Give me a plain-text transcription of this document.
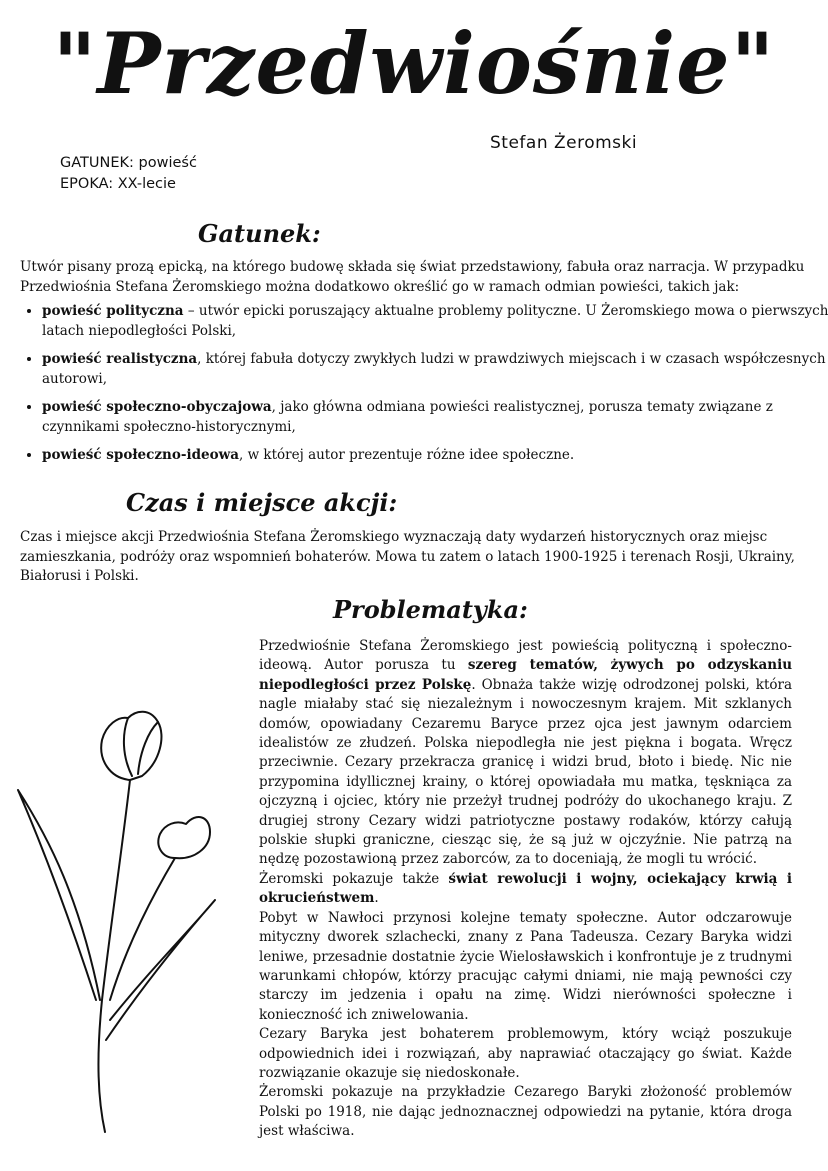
"Przedwiośnie"
Stefan Żeromski
GATUNEK: powieść
EPOKA: XX-lecie
Gatunek:

Utwór pisany prozą epicką, na którego budowę składa się świat przedstawiony, fabuła oraz narracja. W przypadku Przedwiośnia Stefana Żeromskiego można dodatkowo określić go w ramach odmian powieści, takich jak:

• powieść polityczna – utwór epicki poruszający aktualne problemy polityczne. U Żeromskiego mowa o pierwszych latach niepodległości Polski,
• powieść realistyczna, której fabuła dotyczy zwykłych ludzi w prawdziwych miejscach i w czasach współczesnych autorowi,
• powieść społeczno-obyczajowa, jako główna odmiana powieści realistycznej, porusza tematy związane z czynnikami społeczno-historycznymi,
• powieść społeczno-ideowa, w której autor prezentuje różne idee społeczne.
Czas i miejsce akcji:

Czas i miejsce akcji Przedwiośnia Stefana Żeromskiego wyznaczają daty wydarzeń historycznych oraz miejsc zamieszkania, podróży oraz wspomnień bohaterów. Mowa tu zatem o latach 1900-1925 i terenach Rosji, Ukrainy, Białorusi i Polski.

Problematyka:

Przedwiośnie Stefana Żeromskiego jest powieścią polityczną i społeczno-ideową. Autor porusza tu szereg tematów, żywych po odzyskaniu niepodległości przez Polskę. Obnaża także wizję odrodzonej polski, która nagle miałaby stać się niezależnym i nowoczesnym krajem. Mit szklanych domów, opowiadany Cezaremu Baryce przez ojca jest jawnym odarciem idealistów ze złudzeń. Polska niepodległa nie jest piękna i bogata. Wręcz przeciwnie. Cezary przekracza granicę i widzi brud, błoto i biedę. Nic nie przypomina idyllicznej krainy, o której opowiadała mu matka, tęskniąca za ojczyzną i ojciec, który nie przeżył trudnej podróży do ukochanego kraju. Z drugiej strony Cezary widzi patriotyczne postawy rodaków, którzy całują polskie słupki graniczne, ciesząc się, że są już w ojczyźnie. Nie patrzą na nędzę pozostawioną przez zaborców, za to doceniają, że mogli tu wrócić.

Żeromski pokazuje także świat rewolucji i wojny, ociekający krwią i okrucieństwem.

Pobyt w Nawłoci przynosi kolejne tematy społeczne. Autor odczarowuje mityczny dworek szlachecki, znany z Pana Tadeusza. Cezary Baryka widzi leniwe, przesadnie dostatnie życie Wielosławskich i konfrontuje je z trudnymi warunkami chłopów, którzy pracując całymi dniami, nie mają pewności czy starczy im jedzenia i opału na zimę. Widzi nierówności społeczne i konieczność ich zniwelowania.

Cezary Baryka jest bohaterem problemowym, który wciąż poszukuje odpowiednich idei i rozwiązań, aby naprawiać otaczający go świat. Każde rozwiązanie okazuje się niedoskonałe.

Żeromski pokazuje na przykładzie Cezarego Baryki złożoność problemów Polski po 1918, nie dając jednoznacznej odpowiedzi na pytanie, która droga jest właściwa.
